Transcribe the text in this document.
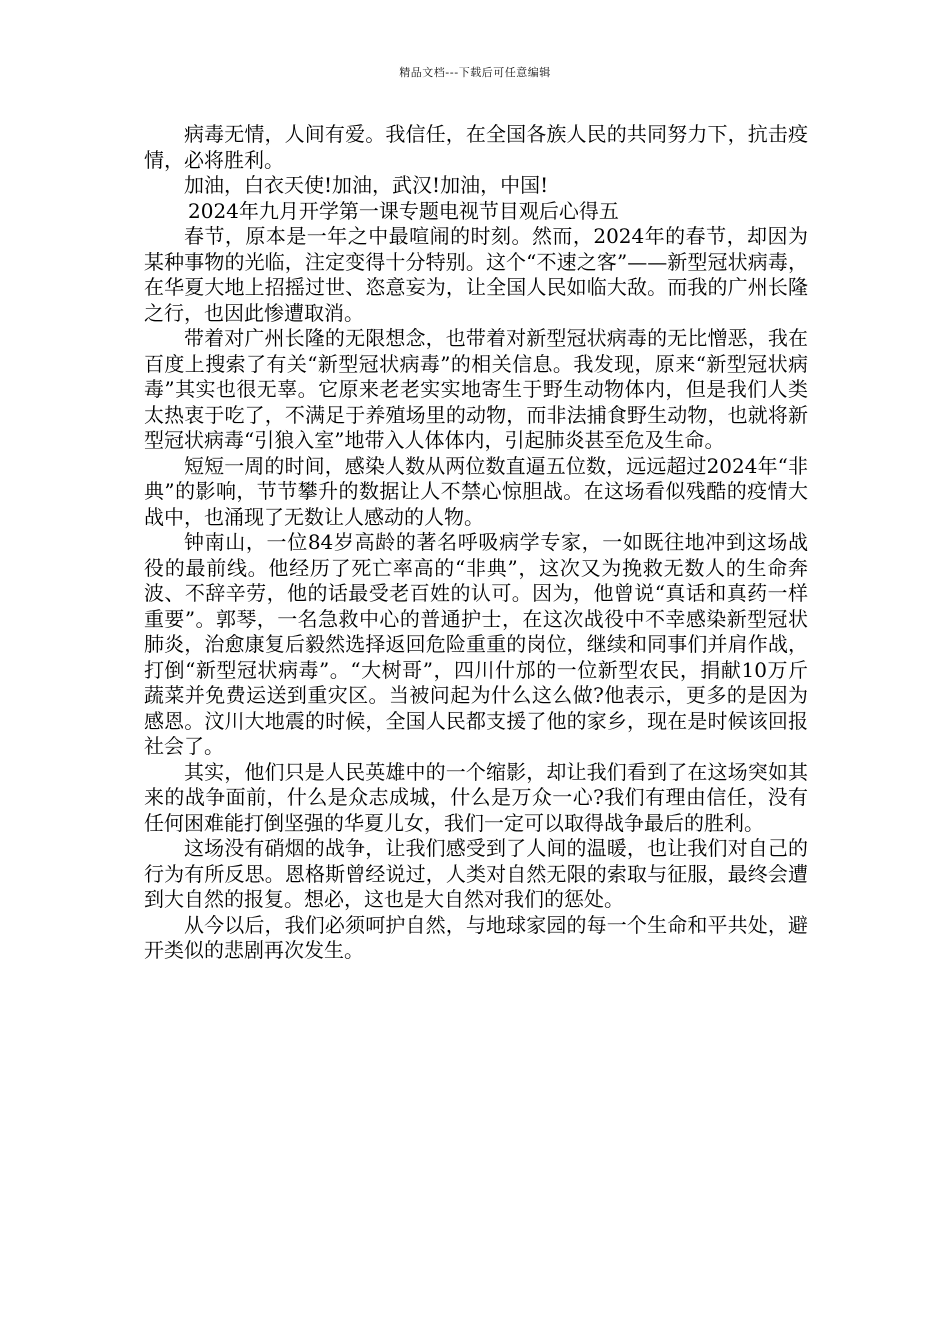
精品文档---下载后可任意编辑

病毒无情，人间有爱。我信任，在全国各族人民的共同努力下，抗击疫情，必将胜利。

加油，白衣天使!加油，武汉!加油，中国!

2024年九月开学第一课专题电视节目观后心得五

春节，原本是一年之中最喧闹的时刻。然而，2024年的春节，却因为某种事物的光临，注定变得十分特别。这个“不速之客”——新型冠状病毒，在华夏大地上招摇过世、恣意妄为，让全国人民如临大敌。而我的广州长隆之行，也因此惨遭取消。

带着对广州长隆的无限想念，也带着对新型冠状病毒的无比憎恶，我在百度上搜索了有关“新型冠状病毒”的相关信息。我发现，原来“新型冠状病毒”其实也很无辜。它原来老老实实地寄生于野生动物体内，但是我们人类太热衷于吃了，不满足于养殖场里的动物，而非法捕食野生动物，也就将新型冠状病毒“引狼入室”地带入人体体内，引起肺炎甚至危及生命。

短短一周的时间，感染人数从两位数直逼五位数，远远超过2024年“非典”的影响，节节攀升的数据让人不禁心惊胆战。在这场看似残酷的疫情大战中，也涌现了无数让人感动的人物。

钟南山，一位84岁高龄的著名呼吸病学专家，一如既往地冲到这场战役的最前线。他经历了死亡率高的“非典”，这次又为挽救无数人的生命奔波、不辞辛劳，他的话最受老百姓的认可。因为，他曾说“真话和真药一样重要”。郭琴，一名急救中心的普通护士，在这次战役中不幸感染新型冠状肺炎，治愈康复后毅然选择返回危险重重的岗位，继续和同事们并肩作战，打倒“新型冠状病毒”。“大树哥”，四川什邡的一位新型农民，捐献10万斤蔬菜并免费运送到重灾区。当被问起为什么这么做?他表示，更多的是因为感恩。汶川大地震的时候，全国人民都支援了他的家乡，现在是时候该回报社会了。

其实，他们只是人民英雄中的一个缩影，却让我们看到了在这场突如其来的战争面前，什么是众志成城，什么是万众一心?我们有理由信任，没有任何困难能打倒坚强的华夏儿女，我们一定可以取得战争最后的胜利。

这场没有硝烟的战争，让我们感受到了人间的温暖，也让我们对自己的行为有所反思。恩格斯曾经说过，人类对自然无限的索取与征服，最终会遭到大自然的报复。想必，这也是大自然对我们的惩处。

从今以后，我们必须呵护自然，与地球家园的每一个生命和平共处，避开类似的悲剧再次发生。
